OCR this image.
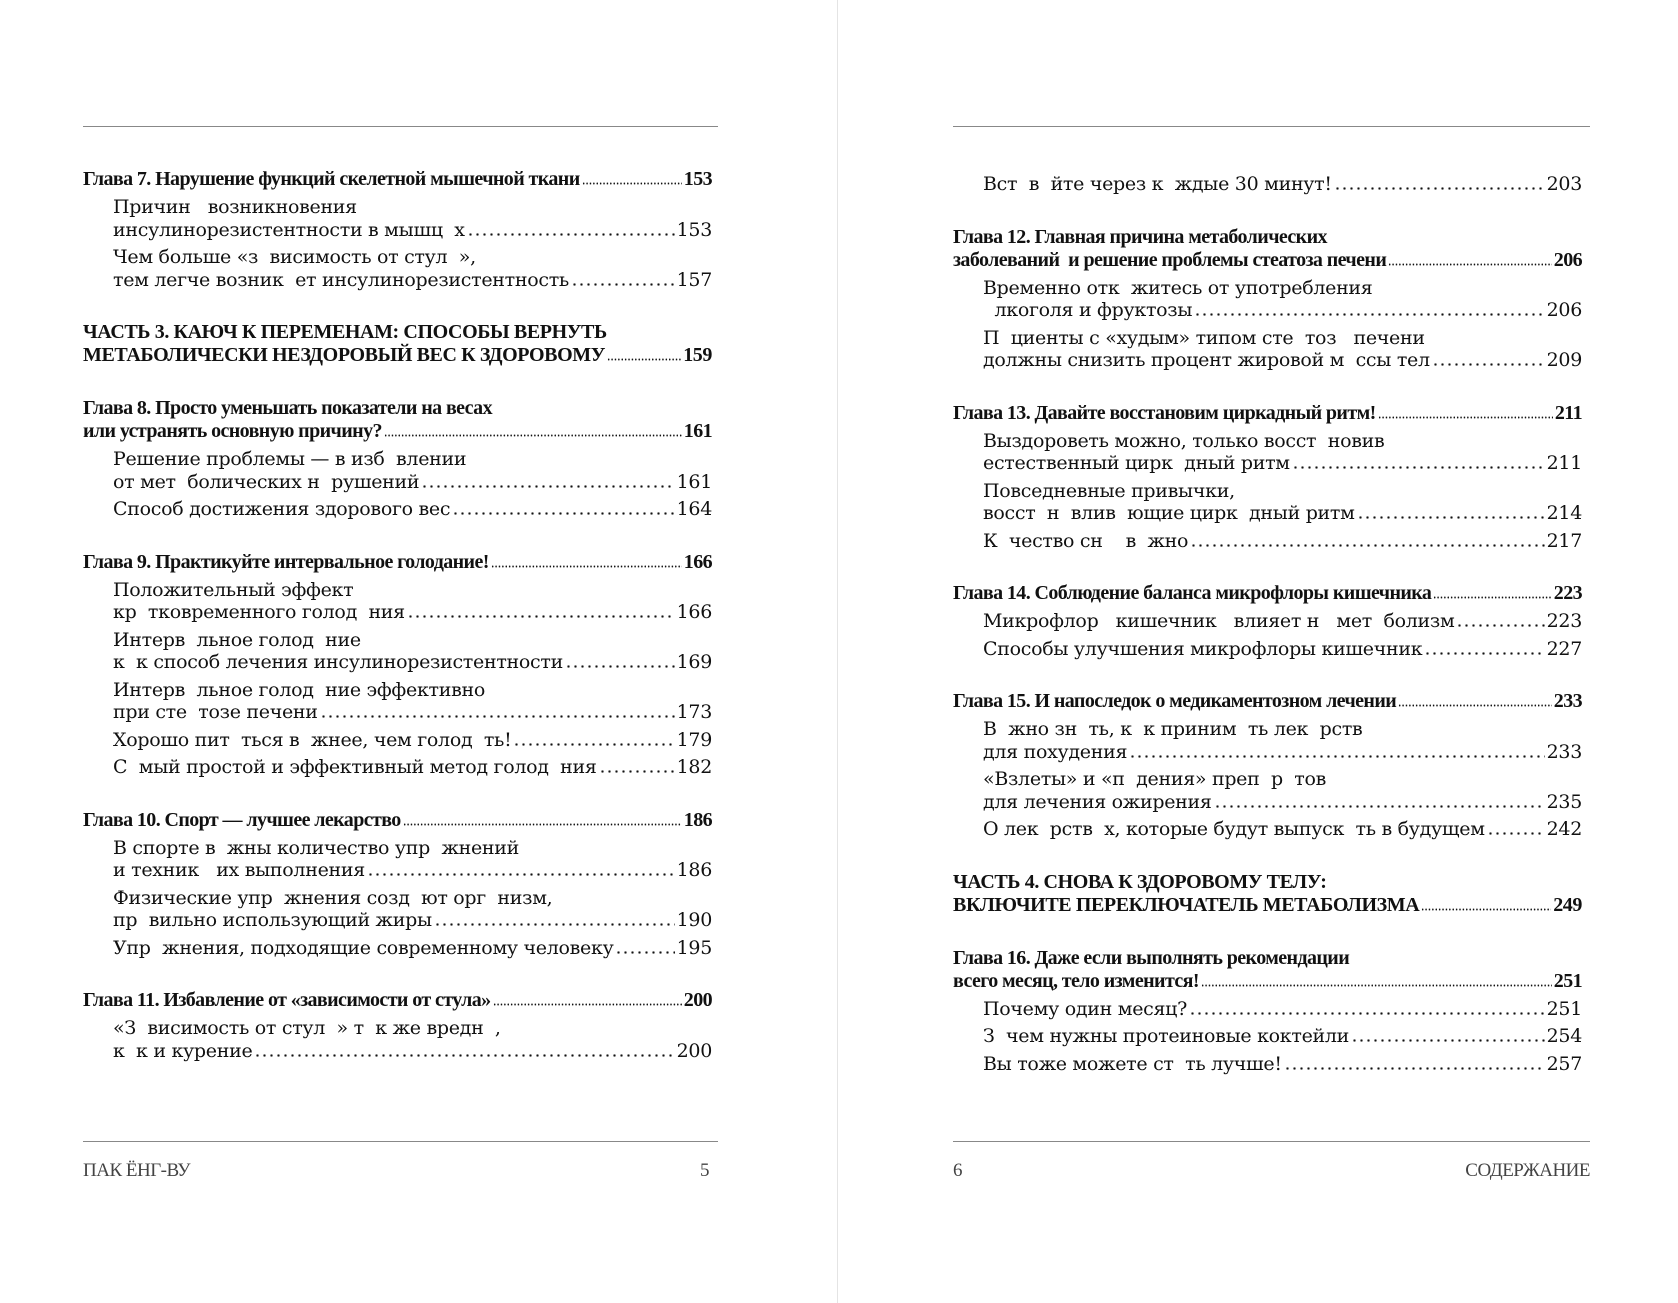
Глава 7. Нарушение функций скелетной мышечной ткани	153
Причин   возникновения
инсулинорезистентности в мышц  х	153
Чем больше «з  висимость от стул  »,
тем легче возник  ет инсулинорезистентность	157
ЧАСТЬ 3. КАЮЧ К ПЕРЕМЕНАМ: СПОСОБЫ ВЕРНУТЬ
МЕТАБОЛИЧЕСКИ НЕЗДОРОВЫЙ ВЕС К ЗДОРОВОМУ	159
Глава 8. Просто уменьшать показатели на весах
или устранять основную причину?	161
Решение проблемы — в изб  влении
от мет  болических н  рушений	161
Способ достижения здорового вес	164
Глава 9. Практикуйте интервальное голодание!	166
Положительный эффект
кр  тковременного голод  ния	166
Интерв  льное голод  ние
к  к способ лечения инсулинорезистентности	169
Интерв  льное голод  ние эффективно
при сте  тозе печени	173
Хорошо пит  ться в  жнее, чем голод  ть!	179
С  мый простой и эффективный метод голод  ния	182
Глава 10. Спорт — лучшее лекарство	186
В спорте в  жны количество упр  жнений
и техник   их выполнения	186
Физические упр  жнения созд  ют орг  низм,
пр  вильно использующий жиры	190
Упр  жнения, подходящие современному человеку	195
Глава 11. Избавление от «зависимости от стула»	200
«З  висимость от стул  » т  к же вредн  ,
к  к и курение	200
ПАК ЁНГ-ВУ	5
Вст  в  йте через к  ждые 30 минут!	203
Глава 12. Главная причина метаболических
заболеваний  и решение проблемы стеатоза печени	206
Временно отк  житесь от употребления
лкоголя и фруктозы	206
П  циенты с «худым» типом сте  тоз   печени
должны снизить процент жировой м  ссы тел	209
Глава 13. Давайте восстановим циркадный ритм!	211
Выздороветь можно, только восст  новив
естественный цирк  дный ритм	211
Повседневные привычки,
восст  н  влив  ющие цирк  дный ритм	214
К  чество сн    в  жно	217
Глава 14. Соблюдение баланса микрофлоры кишечника	223
Микрофлор   кишечник   влияет н   мет  болизм	223
Способы улучшения микрофлоры кишечник	227
Глава 15. И напоследок о медикаментозном лечении	233
В  жно зн  ть, к  к приним  ть лек  рств
для похудения	233
«Взлеты» и «п  дения» преп  р  тов
для лечения ожирения	235
О лек  рств  х, которые будут выпуск  ть в будущем	242
ЧАСТЬ 4. СНОВА К ЗДОРОВОМУ ТЕЛУ:
ВКЛЮЧИТЕ ПЕРЕКЛЮЧАТЕЛЬ МЕТАБОЛИЗМА	249
Глава 16. Даже если выполнять рекомендации
всего месяц, тело изменится!	251
Почему один месяц?	251
З  чем нужны протеиновые коктейли	254
Вы тоже можете ст  ть лучше!	257
6	СОДЕРЖАНИЕ
